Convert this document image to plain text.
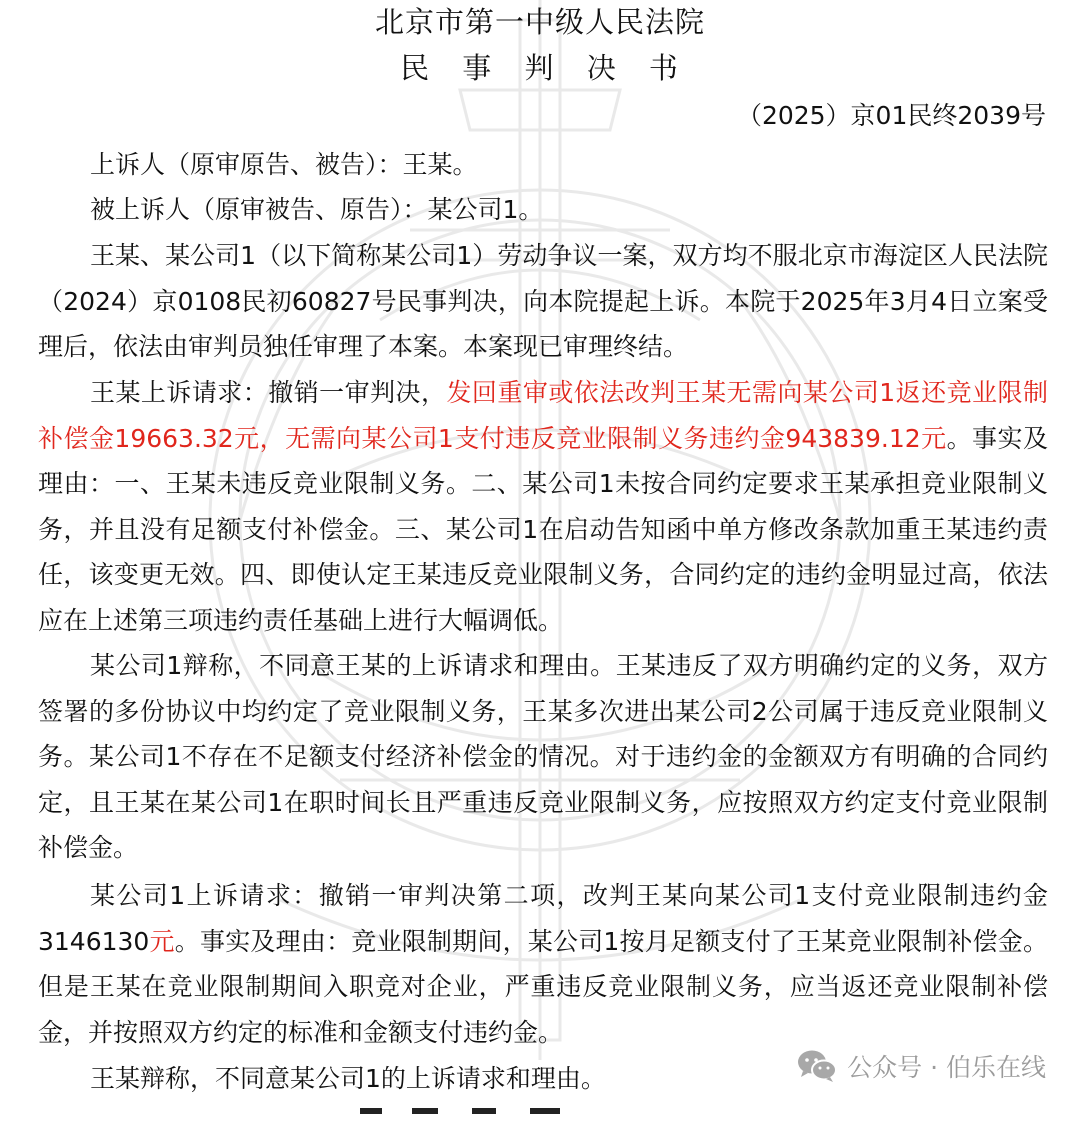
北京市第一中级人民法院
民 事 判 决 书
（2025）京01民终2039号

上诉人（原审原告、被告）：王某。

被上诉人（原审被告、原告）：某公司1。

王某、某公司1（以下简称某公司1）劳动争议一案，双方均不服北京市海淀区人民法院（2024）京0108民初60827号民事判决，向本院提起上诉。本院于2025年3月4日立案受理后，依法由审判员独任审理了本案。本案现已审理终结。

王某上诉请求：撤销一审判决，发回重审或依法改判王某无需向某公司1返还竞业限制补偿金19663.32元，无需向某公司1支付违反竞业限制义务违约金943839.12元。事实及理由：一、王某未违反竞业限制义务。二、某公司1未按合同约定要求王某承担竞业限制义务，并且没有足额支付补偿金。三、某公司1在启动告知函中单方修改条款加重王某违约责任，该变更无效。四、即使认定王某违反竞业限制义务，合同约定的违约金明显过高，依法应在上述第三项违约责任基础上进行大幅调低。

某公司1辩称，不同意王某的上诉请求和理由。王某违反了双方明确约定的义务，双方签署的多份协议中均约定了竞业限制义务，王某多次进出某公司2公司属于违反竞业限制义务。某公司1不存在不足额支付经济补偿金的情况。对于违约金的金额双方有明确的合同约定，且王某在某公司1在职时间长且严重违反竞业限制义务，应按照双方约定支付竞业限制补偿金。

某公司1上诉请求：撤销一审判决第二项，改判王某向某公司1支付竞业限制违约金3146130元。事实及理由：竞业限制期间，某公司1按月足额支付了王某竞业限制补偿金。但是王某在竞业限制期间入职竞对企业，严重违反竞业限制义务，应当返还竞业限制补偿金，并按照双方约定的标准和金额支付违约金。

王某辩称，不同意某公司1的上诉请求和理由。	公众号 · 伯乐在线
